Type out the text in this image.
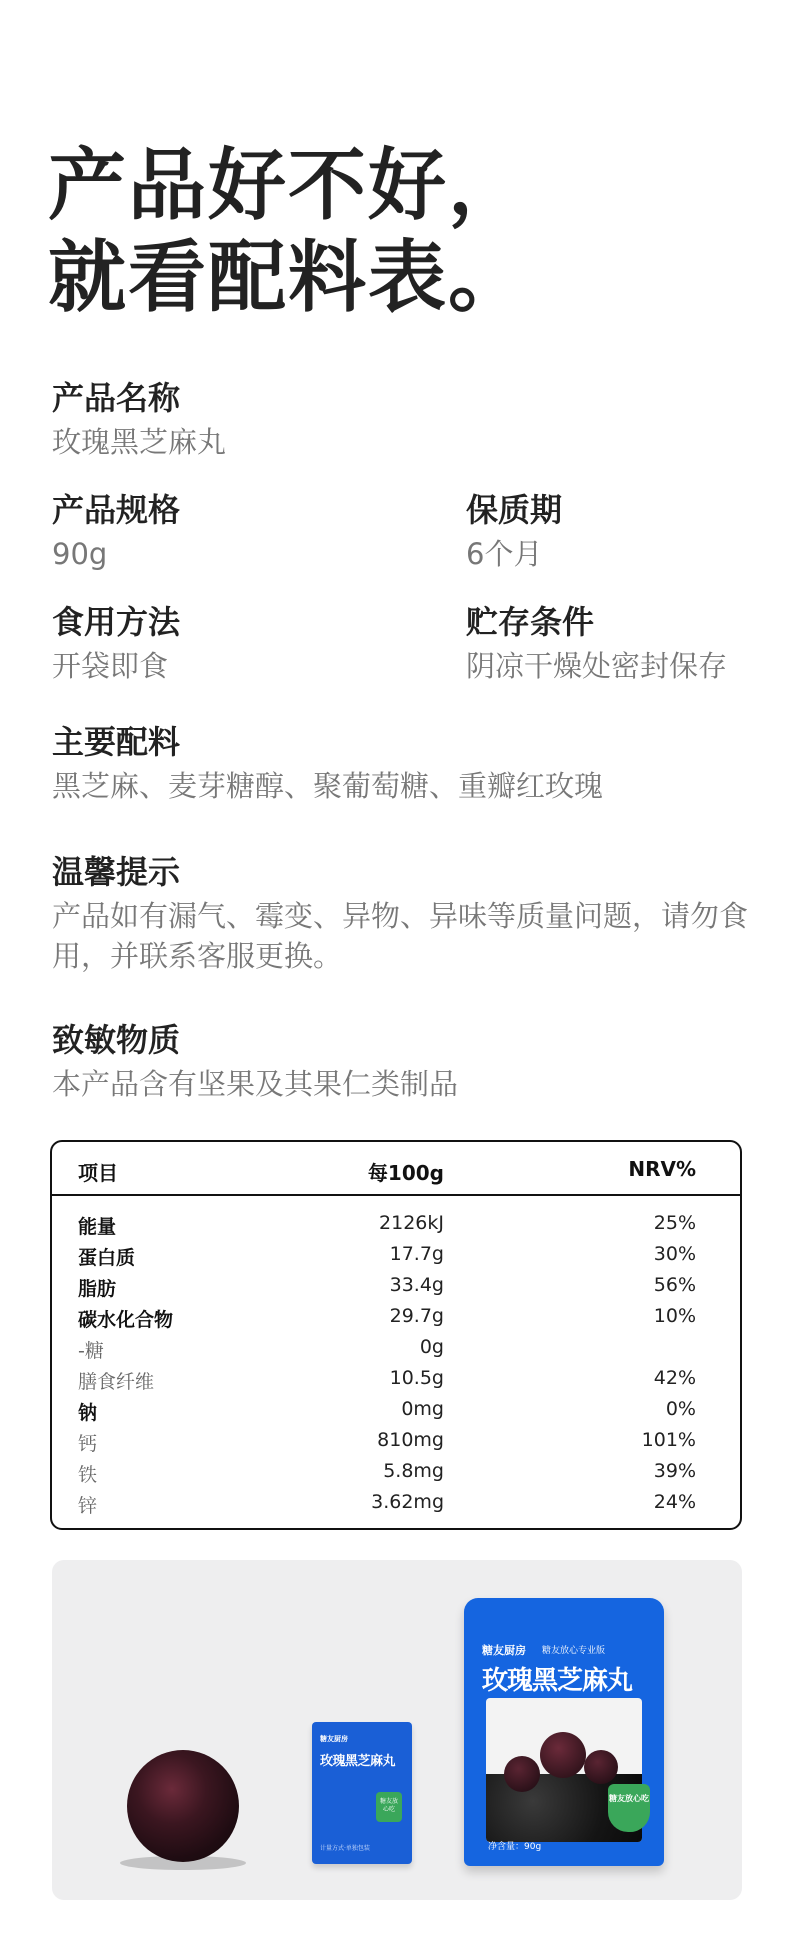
产品好不好，
就看配料表。
产品名称
玫瑰黑芝麻丸
产品规格
90g
保质期
6个月
食用方法
开袋即食
贮存条件
阴凉干燥处密封保存
主要配料
黑芝麻、麦芽糖醇、聚葡萄糖、重瓣红玫瑰
温馨提示
产品如有漏气、霉变、异物、异味等质量问题，请勿食用，并联系客服更换。
致敏物质
本产品含有坚果及其果仁类制品
项目	每100g	NRV%
能量	2126kJ	25%
蛋白质	17.7g	30%
脂肪	33.4g	56%
碳水化合物	29.7g	10%
-糖	0g
膳食纤维	10.5g	42%
钠	0mg	0%
钙	810mg	101%
铁	5.8mg	39%
锌	3.62mg	24%
糖友厨房
玫瑰黑芝麻丸
糖友放心吃
计量方式·单独包装
糖友厨房 糖友放心专业版
玫瑰黑芝麻丸
糖友放心吃
净含量：90g
